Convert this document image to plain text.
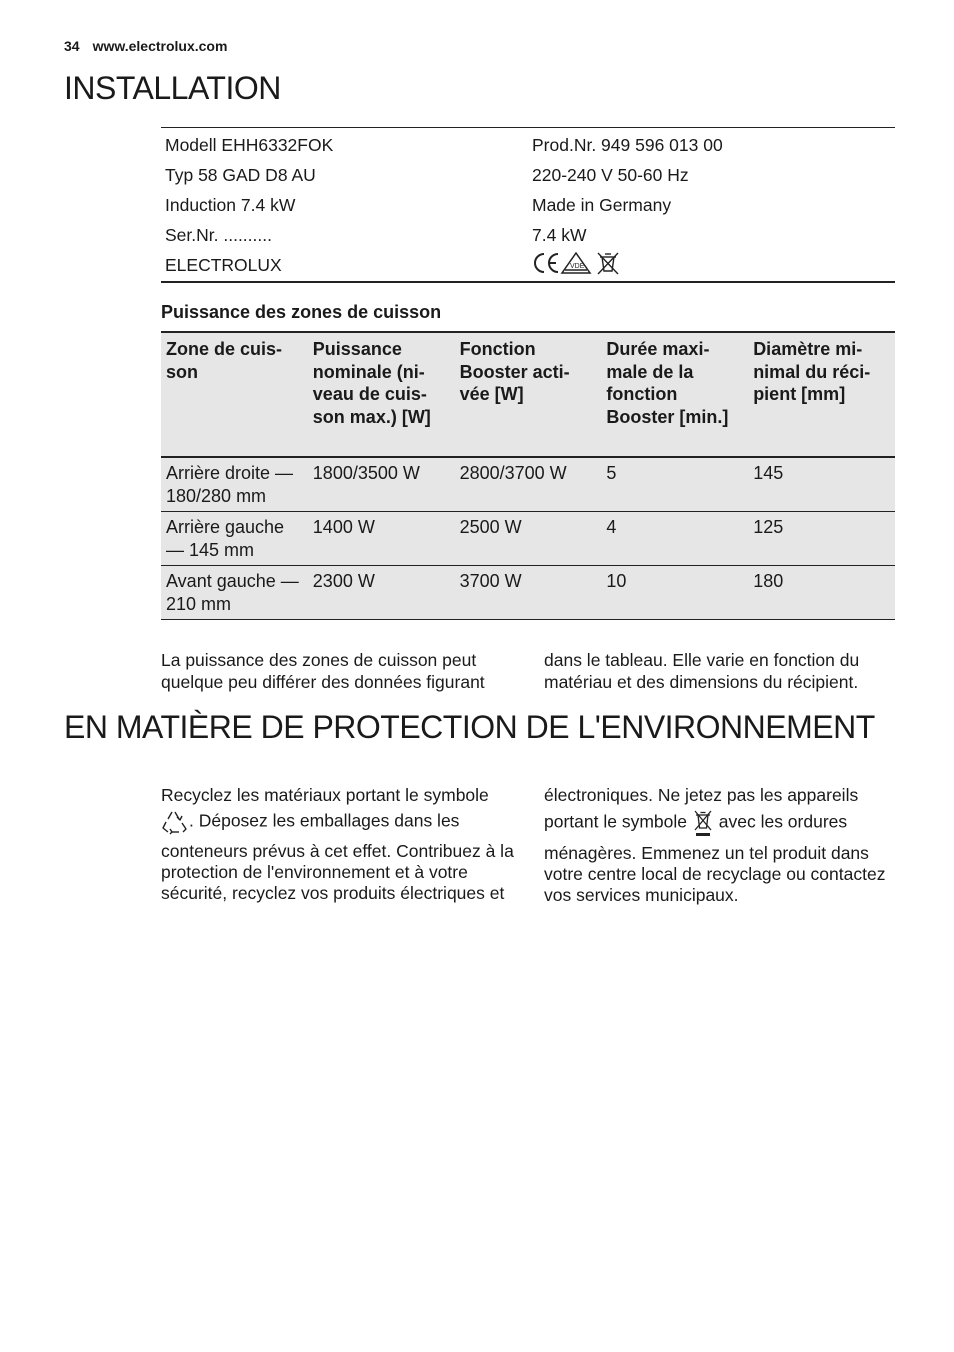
34 www.electrolux.com
INSTALLATION
Modell EHH6332FOK	Prod.Nr. 949 596 013 00
Typ 58 GAD D8 AU	220-240 V 50-60 Hz
Induction 7.4 kW	Made in Germany
Ser.Nr. ..........	7.4 kW
ELECTROLUX	VDE
Puissance des zones de cuisson
Zone de cuis-son	Puissance nominale (ni-veau de cuis-son max.) [W]	Fonction Booster acti-vée [W]	Durée maxi-male de la fonction Booster [min.]	Diamètre mi-nimal du réci-pient [mm]
Arrière droite — 180/280 mm	1800/3500 W	2800/3700 W	5	145
Arrière gauche — 145 mm	1400 W	2500 W	4	125
Avant gauche — 210 mm	2300 W	3700 W	10	180
La puissance des zones de cuisson peut quelque peu différer des données figurant
dans le tableau. Elle varie en fonction du matériau et des dimensions du récipient.
EN MATIÈRE DE PROTECTION DE L'ENVIRONNEMENT

Recyclez les matériaux portant le symbole

. Déposez les emballages dans les

conteneurs prévus à cet effet. Contribuez à la protection de l'environnement et à votre sécurité, recyclez vos produits électriques et

électroniques. Ne jetez pas les appareils

portant le symbole avec les ordures

ménagères. Emmenez un tel produit dans votre centre local de recyclage ou contactez vos services municipaux.
